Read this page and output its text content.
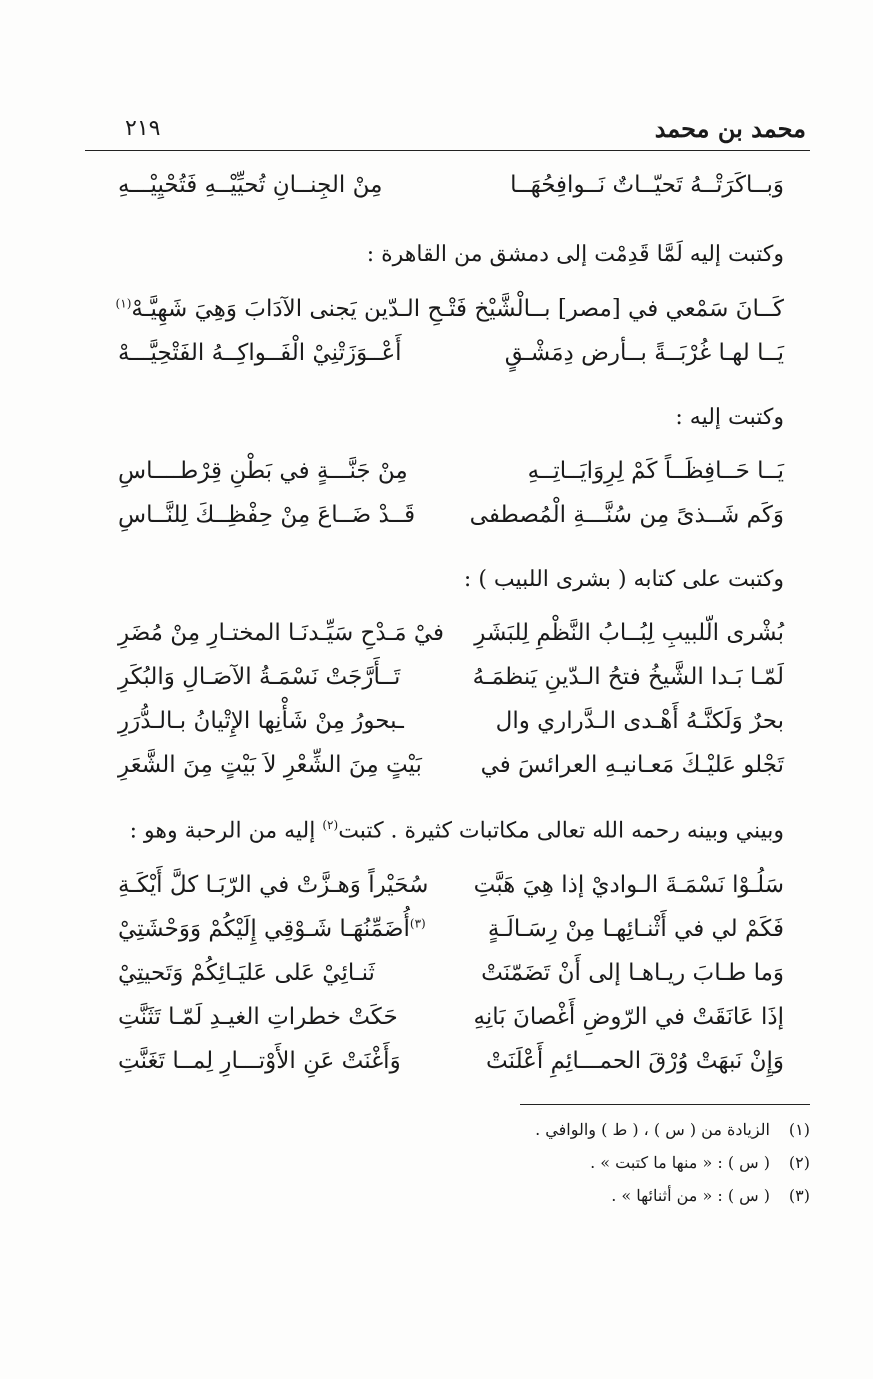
٢١٩	محمد بن محمد
وَبــاكَرَتْــهُ تَحيّــاتٌ نَــوافِحُهَــا
مِنْ الجِنــانِ تُحيِّيْــهِ فَتُحْيِيْـــهِ
وكتبت إليه لَمَّا قَدِمْت إلى دمشق من القاهرة :
كَــانَ سَمْعي في [مصر] بــالْشَّيْخ فَتْـحِ الـدّين يَجنى الآدَابَ وَهِيَ شَهِيَّـهْ$^{(١)}$
يَــا لهـا غُرْبَــةً بــأرض دِمَشْـقٍ
أَعْــوَزَتْنِيْ الْفَــواكِــهُ الفَتْحِيَّـــهْ
وكتبت إليه :
يَــا حَــافِظَــاً كَمْ لِرِوَايَــاتِــهِ
مِنْ جَنَّـــةٍ في بَطْنِ قِرْطــــاسِ
وَكَم شَــذىً مِن سُنَّـــةِ الْمُصطفى
قَــدْ ضَــاعَ مِنْ حِفْظِــكَ لِلنَّــاسِ
وكتبت على كتابه ( بشرى اللبيب ) :
بُشْرى الّلبيبِ لِبُــابُ النَّظْمِ لِلبَشَرِ
فيْ مَـدْحِ سَيِّـدنَـا المختـارِ مِنْ مُضَرِ
لَمّـا بَـدا الشَّيخُ فتحُ الـدّينِ يَنظمَـهُ
تَــأَرَّجَتْ نَسْمَـةُ الآصَـالِ وَالبُكَرِ
بحرٌ وَلَكنَّـهُ أَهْـدى الـدَّراري وال
ـبحورُ مِنْ شَأْنِها الإِتْيانُ بـالـدُّرَرِ
تَجْلو عَليْـكَ مَعـانيـهِ العرائسَ في
بَيْتٍ مِنَ الشِّعْرِ لاَ بَيْتٍ مِنَ الشَّعَرِ
وبيني وبينه رحمه الله تعالى مكاتبات كثيرة . كتبت$^{(٢)}$ إليه من الرحبة وهو :
سَلُـوْا نَسْمَـةَ الـواديْ إذا هِيَ هَبَّتِ
سُحَيْراً وَهـزَّتْ في الرّبَـا كلَّ أَيْكَـةِ
فَكَمْ لي في أَثْنـائِهـا مِنْ رِسَـالَـةٍ
$^{(٣)}$أُضَمِّنُهَـا شَـوْقِي إِلَيْكُمْ وَوَحْشَتِيْ
وَما طـابَ ريـاهـا إلى أَنْ تَضَمّنَتْ
ثَنـائِيْ عَلى عَليَـائِكُمْ وَتَحيتِيْ
إذَا عَانَقَتْ في الرّوضِ أَغْصانَ بَانِهِ
حَكَتْ خطراتِ الغيـدِ لَمّـا تَثَنَّتِ
وَإِنْ نَبهَتْ وُرْقَ الحمـــائِمِ أَعْلَنَتْ
وَأَغْنَتْ عَنِ الأَوْتـــارِ لِمــا تَغَنَّتِ
(١)الزيادة من ( س ) ، ( ط ) والوافي .
(٢)( س ) : « منها ما كتبت » .
(٣)( س ) : « من أثنائها » .
